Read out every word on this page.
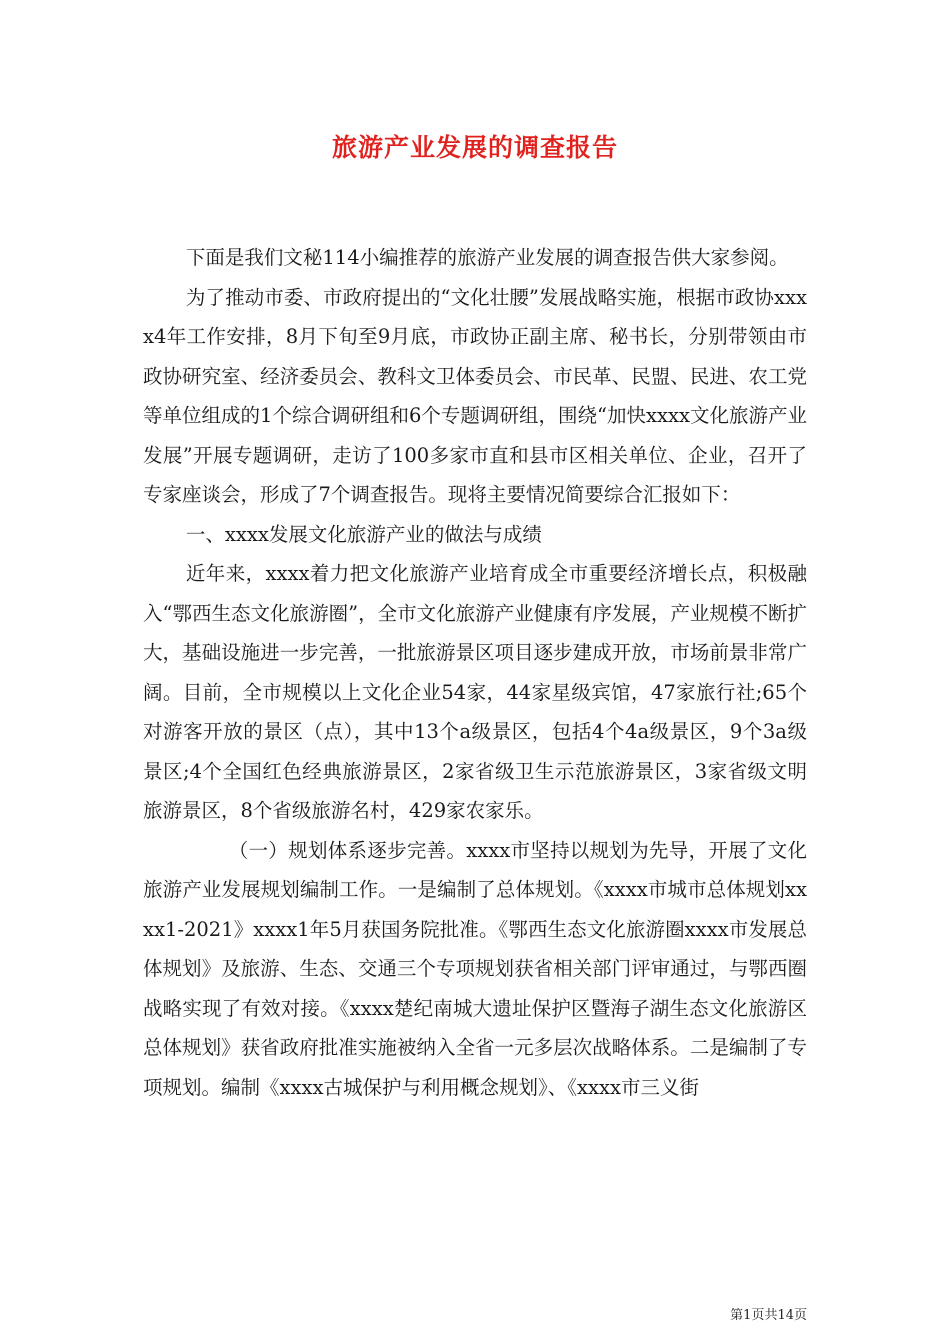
旅游产业发展的调查报告

下面是我们文秘114小编推荐的旅游产业发展的调查报告供大家参阅。

为了推动市委、市政府提出的“文化壮腰”发展战略实施，根据市政协xxxx4年工作安排，8月下旬至9月底，市政协正副主席、秘书长，分别带领由市政协研究室、经济委员会、教科文卫体委员会、市民革、民盟、民进、农工党等单位组成的1个综合调研组和6个专题调研组，围绕“加快xxxx文化旅游产业发展”开展专题调研，走访了100多家市直和县市区相关单位、企业，召开了专家座谈会，形成了7个调查报告。现将主要情况简要综合汇报如下：

一、xxxx发展文化旅游产业的做法与成绩

近年来，xxxx着力把文化旅游产业培育成全市重要经济增长点，积极融入“鄂西生态文化旅游圈”，全市文化旅游产业健康有序发展，产业规模不断扩大，基础设施进一步完善，一批旅游景区项目逐步建成开放，市场前景非常广阔。目前，全市规模以上文化企业54家，44家星级宾馆，47家旅行社;65个对游客开放的景区（点），其中13个a级景区，包括4个4a级景区，9个3a级景区;4个全国红色经典旅游景区，2家省级卫生示范旅游景区，3家省级文明旅游景区，8个省级旅游名村，429家农家乐。

（一）规划体系逐步完善。xxxx市坚持以规划为先导，开展了文化旅游产业发展规划编制工作。一是编制了总体规划。《xxxx市城市总体规划xxxx1-2021》xxxx1年5月获国务院批准。《鄂西生态文化旅游圈xxxx市发展总体规划》及旅游、生态、交通三个专项规划获省相关部门评审通过，与鄂西圈战略实现了有效对接。《xxxx楚纪南城大遗址保护区暨海子湖生态文化旅游区总体规划》获省政府批准实施被纳入全省一元多层次战略体系。二是编制了专项规划。编制《xxxx古城保护与利用概念规划》、《xxxx市三义街

第1页共14页
